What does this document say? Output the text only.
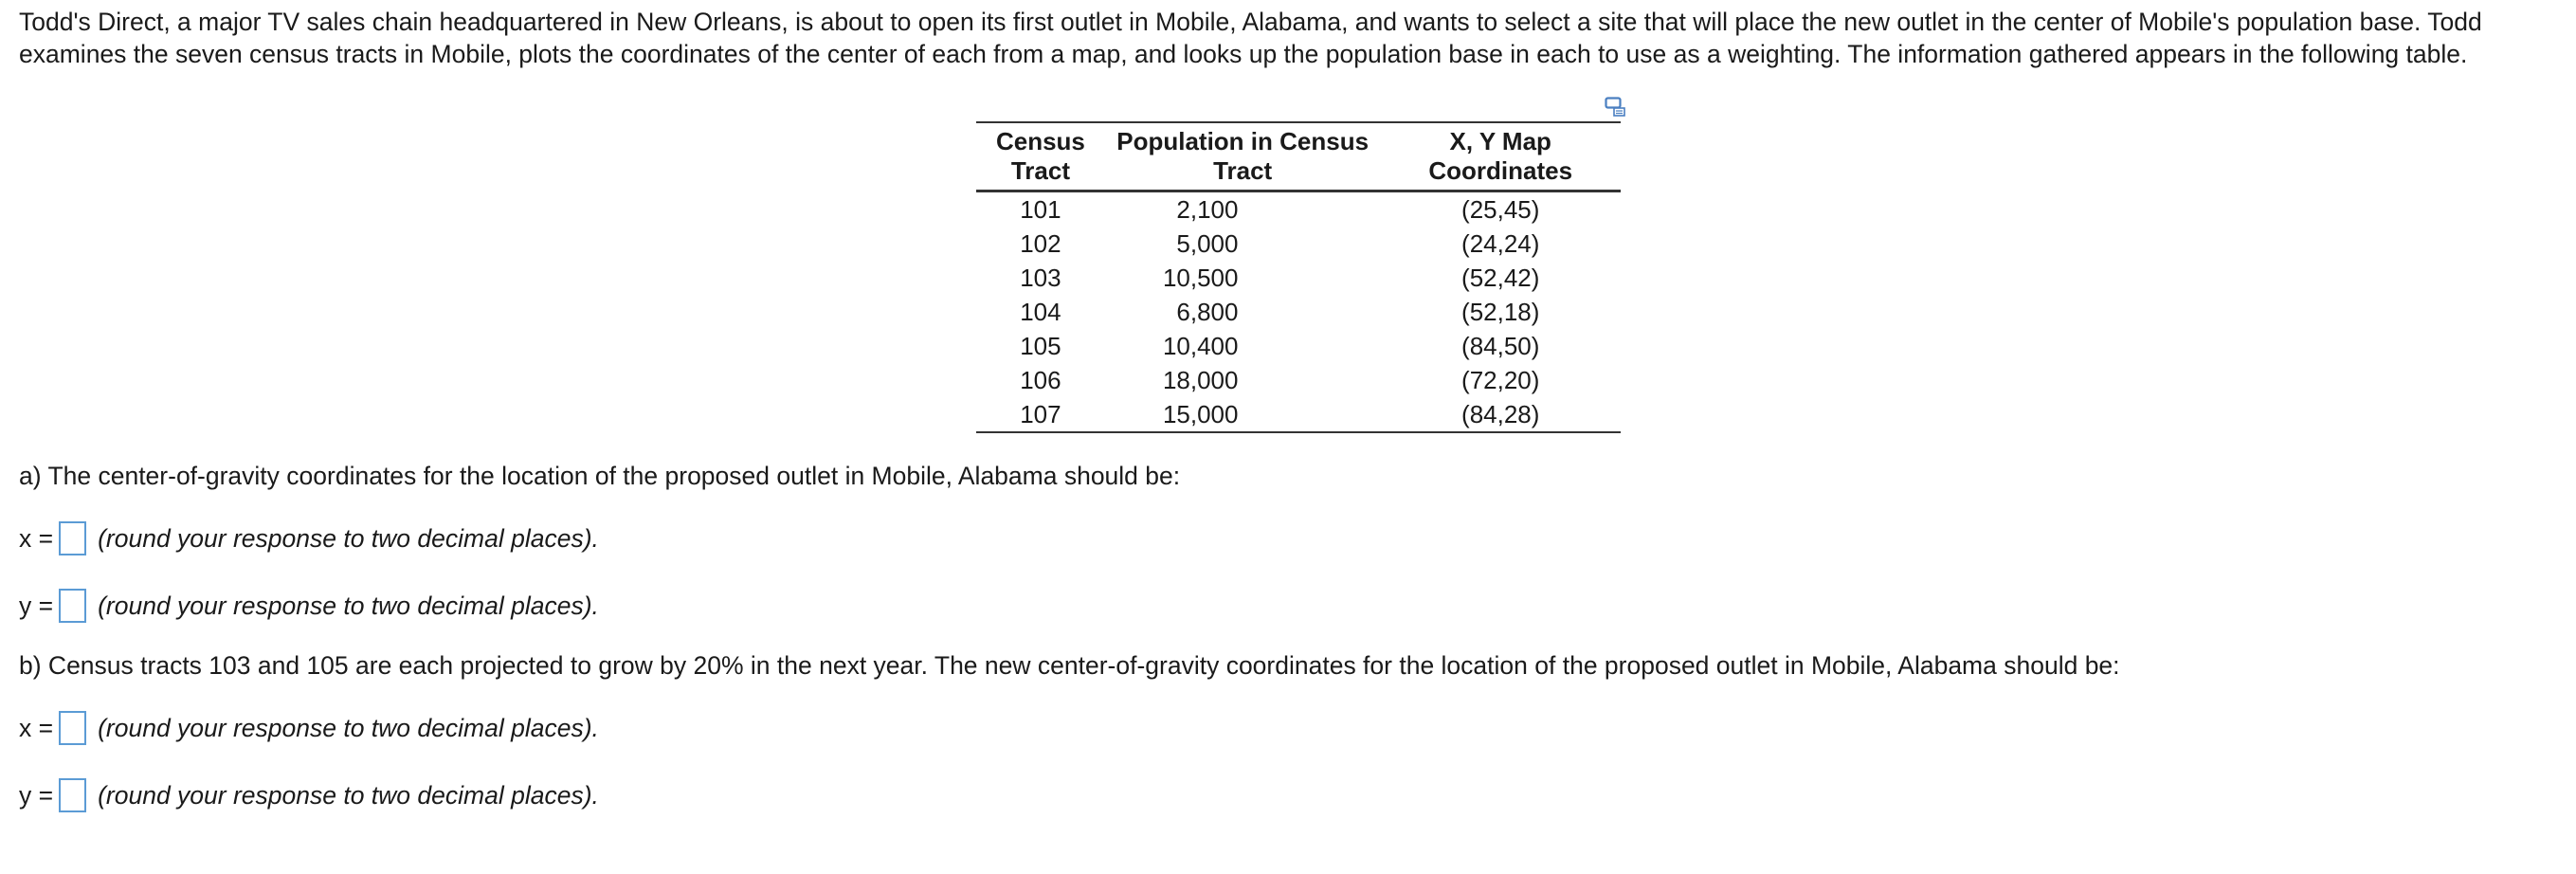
Todd's Direct, a major TV sales chain headquartered in New Orleans, is about to open its first outlet in Mobile, Alabama, and wants to select a site that will place the new outlet in the center of Mobile's population base. Todd examines the seven census tracts in Mobile, plots the coordinates of the center of each from a map, and looks up the population base in each to use as a weighting. The information gathered appears in the following table.

Census Tract	Population in Census Tract	X, Y Map Coordinates
101	2,100	(25,45)
102	5,000	(24,24)
103	10,500	(52,42)
104	6,800	(52,18)
105	10,400	(84,50)
106	18,000	(72,20)
107	15,000	(84,28)

a) The center-of-gravity coordinates for the location of the proposed outlet in Mobile, Alabama should be:

x = (round your response to two decimal places).
y = (round your response to two decimal places).

b) Census tracts 103 and 105 are each projected to grow by 20% in the next year. The new center-of-gravity coordinates for the location of the proposed outlet in Mobile, Alabama should be:

x = (round your response to two decimal places).
y = (round your response to two decimal places).
